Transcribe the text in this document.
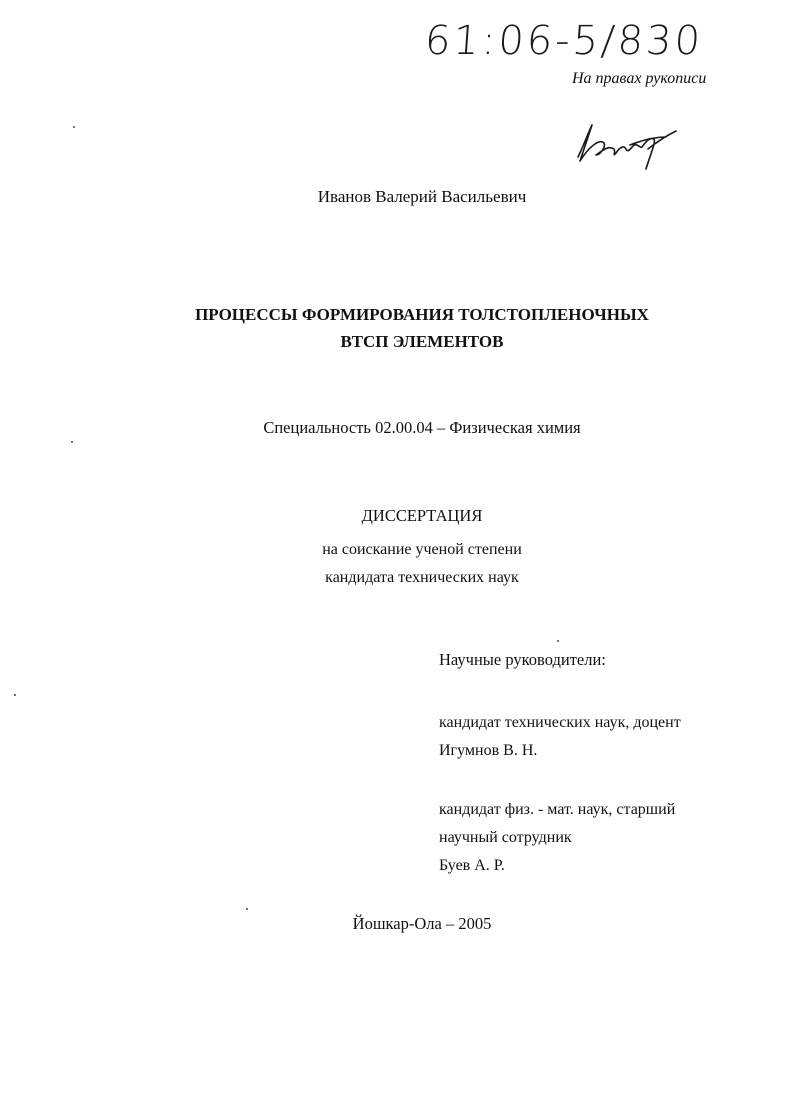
61:06-5/830
На правах рукописи
Иванов Валерий Васильевич
ПРОЦЕССЫ ФОРМИРОВАНИЯ ТОЛСТОПЛЕНОЧНЫХ
ВТСП ЭЛЕМЕНТОВ
Специальность 02.00.04 – Физическая химия
ДИССЕРТАЦИЯ
на соискание ученой степени
кандидата технических наук
Научные руководители:
кандидат технических наук, доцент
Игумнов В. Н.
кандидат физ. - мат. наук, старший
научный сотрудник
Буев А. Р.
Йошкар-Ола – 2005
